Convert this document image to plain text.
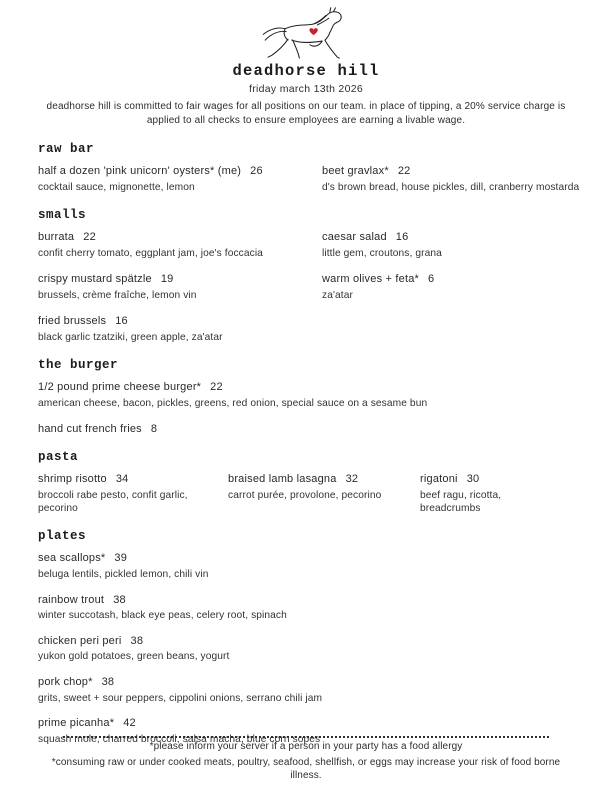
deadhorse hill
friday march 13th 2026

deadhorse hill is committed to fair wages for all positions on our team. in place of tipping, a 20% service charge is applied to all checks to ensure employees are earning a livable wage.

raw bar
half a dozen 'pink unicorn' oysters* (me) 26
cocktail sauce, mignonette, lemon
beet gravlax* 22
d's brown bread, house pickles, dill, cranberry mostarda
smalls
burrata 22
confit cherry tomato, eggplant jam, joe's foccacia
crispy mustard spätzle 19
brussels, crème fraîche, lemon vin
fried brussels 16
black garlic tzatziki, green apple, za'atar
caesar salad 16
little gem, croutons, grana
warm olives + feta* 6
za'atar
the burger
1/2 pound prime cheese burger* 22
american cheese, bacon, pickles, greens, red onion, special sauce on a sesame bun
hand cut french fries 8
pasta
shrimp risotto 34
broccoli rabe pesto, confit garlic, pecorino
braised lamb lasagna 32
carrot purée, provolone, pecorino
rigatoni 30
beef ragu, ricotta, breadcrumbs
plates
sea scallops* 39
beluga lentils, pickled lemon, chili vin
rainbow trout 38
winter succotash, black eye peas, celery root, spinach
chicken peri peri 38
yukon gold potatoes, green beans, yogurt
pork chop* 38
grits, sweet + sour peppers, cippolini onions, serrano chili jam
prime picanha* 42
squash mole, charred broccoli, salsa macha, blue corn sopes
*please inform your server if a person in your party has a food allergy
*consuming raw or under cooked meats, poultry, seafood, shellfish, or eggs may increase your risk of food borne illness.
